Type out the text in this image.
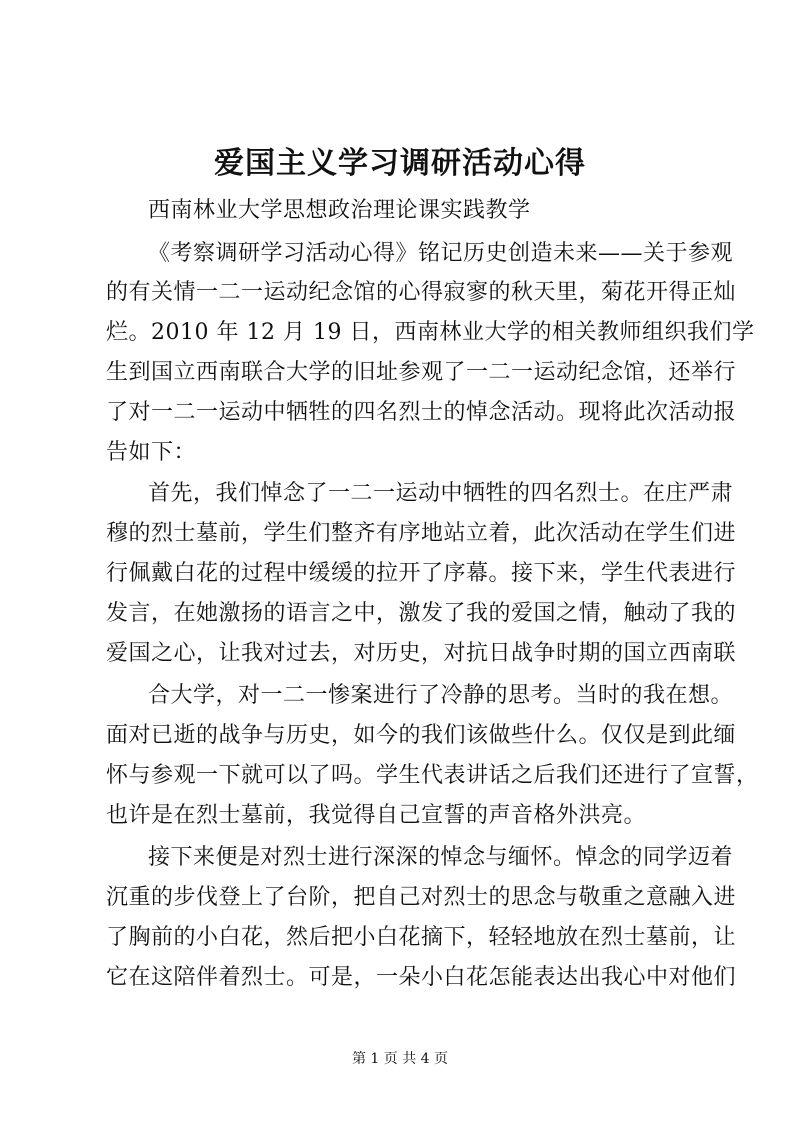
爱国主义学习调研活动心得
西南林业大学思想政治理论课实践教学
《考察调研学习活动心得》铭记历史创造未来——关于参观
的有关情一二一运动纪念馆的心得寂寥的秋天里，菊花开得正灿
烂。2010 年 12 月 19 日，西南林业大学的相关教师组织我们学
生到国立西南联合大学的旧址参观了一二一运动纪念馆，还举行
了对一二一运动中牺牲的四名烈士的悼念活动。现将此次活动报
告如下：
首先，我们悼念了一二一运动中牺牲的四名烈士。在庄严肃
穆的烈士墓前，学生们整齐有序地站立着，此次活动在学生们进
行佩戴白花的过程中缓缓的拉开了序幕。接下来，学生代表进行
发言，在她激扬的语言之中，激发了我的爱国之情，触动了我的
爱国之心，让我对过去，对历史，对抗日战争时期的国立西南联
合大学，对一二一惨案进行了冷静的思考。当时的我在想。
面对已逝的战争与历史，如今的我们该做些什么。仅仅是到此缅
怀与参观一下就可以了吗。学生代表讲话之后我们还进行了宣誓，
也许是在烈士墓前，我觉得自己宣誓的声音格外洪亮。
接下来便是对烈士进行深深的悼念与缅怀。悼念的同学迈着
沉重的步伐登上了台阶，把自己对烈士的思念与敬重之意融入进
了胸前的小白花，然后把小白花摘下，轻轻地放在烈士墓前，让
它在这陪伴着烈士。可是，一朵小白花怎能表达出我心中对他们
第 1 页 共 4 页
